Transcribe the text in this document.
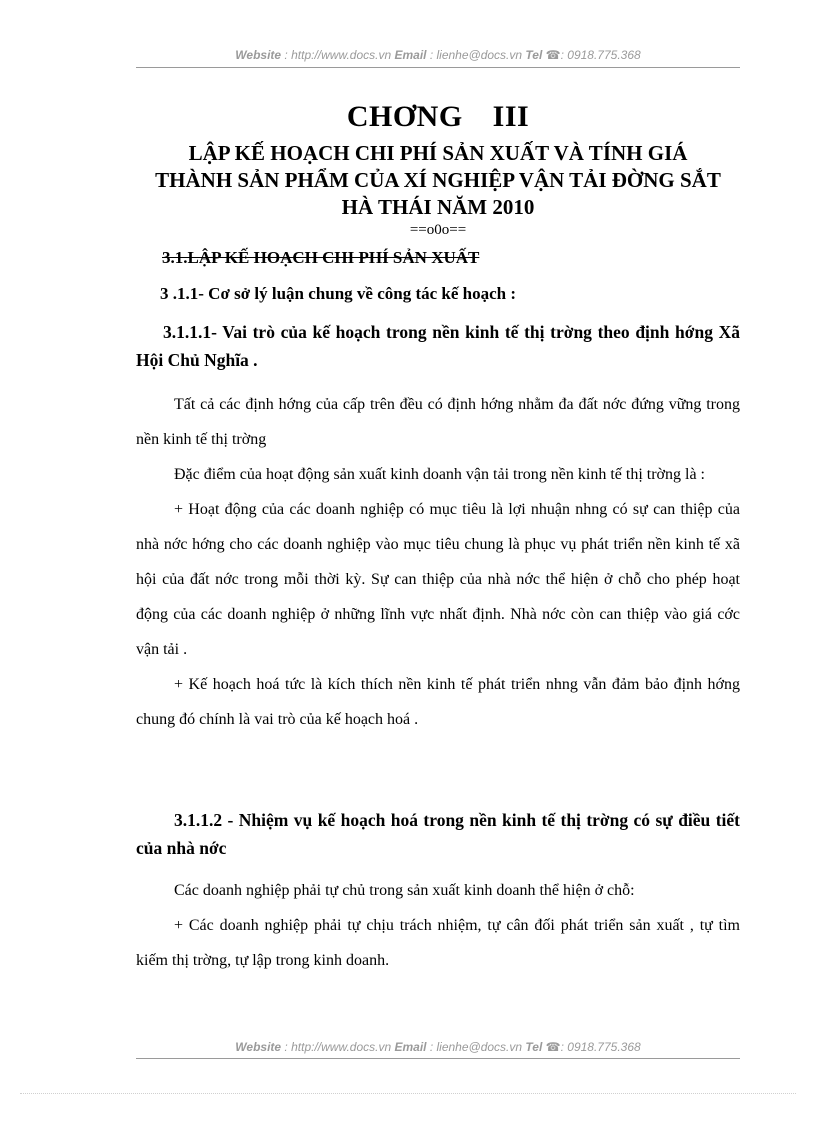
Website : http://www.docs.vn Email : lienhe@docs.vn Tel ☎: 0918.775.368
CHƠNG III
LẬP KẾ HOẠCH CHI PHÍ SẢN XUẤT VÀ TÍNH GIÁ THÀNH SẢN PHẨM CỦA XÍ NGHIỆP VẬN TẢI ĐỜNG SẮT HÀ THÁI NĂM 2010
==o0o==
3.1.LẬP KẾ HOẠCH CHI PHÍ SẢN XUẤT
3 .1.1- Cơ sở lý luận chung về công tác kế hoạch :
3.1.1.1- Vai trò của kế hoạch trong nền kinh tế thị trờng theo định hớng Xã Hội Chủ Nghĩa .

Tất cả các định hớng của cấp trên đều có định hớng nhằm đa đất nớc đứng vững trong nền kinh tế thị trờng

Đặc điểm của hoạt động sản xuất kinh doanh vận tải trong nền kinh tế thị trờng là :

+ Hoạt động của các doanh nghiệp có mục tiêu là lợi nhuận nhng có sự can thiệp của nhà nớc hớng cho các doanh nghiệp vào mục tiêu chung là phục vụ phát triển nền kinh tế xã hội của đất nớc trong mỗi thời kỳ. Sự can thiệp của nhà nớc thể hiện ở chỗ cho phép hoạt động của các doanh nghiệp ở những lĩnh vực nhất định. Nhà nớc còn can thiệp vào giá cớc vận tải .

+ Kế hoạch hoá tức là kích thích nền kinh tế phát triển nhng vẫn đảm bảo định hớng chung đó chính là vai trò của kế hoạch hoá .

3.1.1.2 - Nhiệm vụ kế hoạch hoá trong nền kinh tế thị trờng có sự điều tiết của nhà nớc

Các doanh nghiệp phải tự chủ trong sản xuất kinh doanh thể hiện ở chỗ:

+ Các doanh nghiệp phải tự chịu trách nhiệm, tự cân đối phát triển sản xuất , tự tìm kiếm thị trờng, tự lập trong kinh doanh.

Website : http://www.docs.vn Email : lienhe@docs.vn Tel ☎: 0918.775.368
